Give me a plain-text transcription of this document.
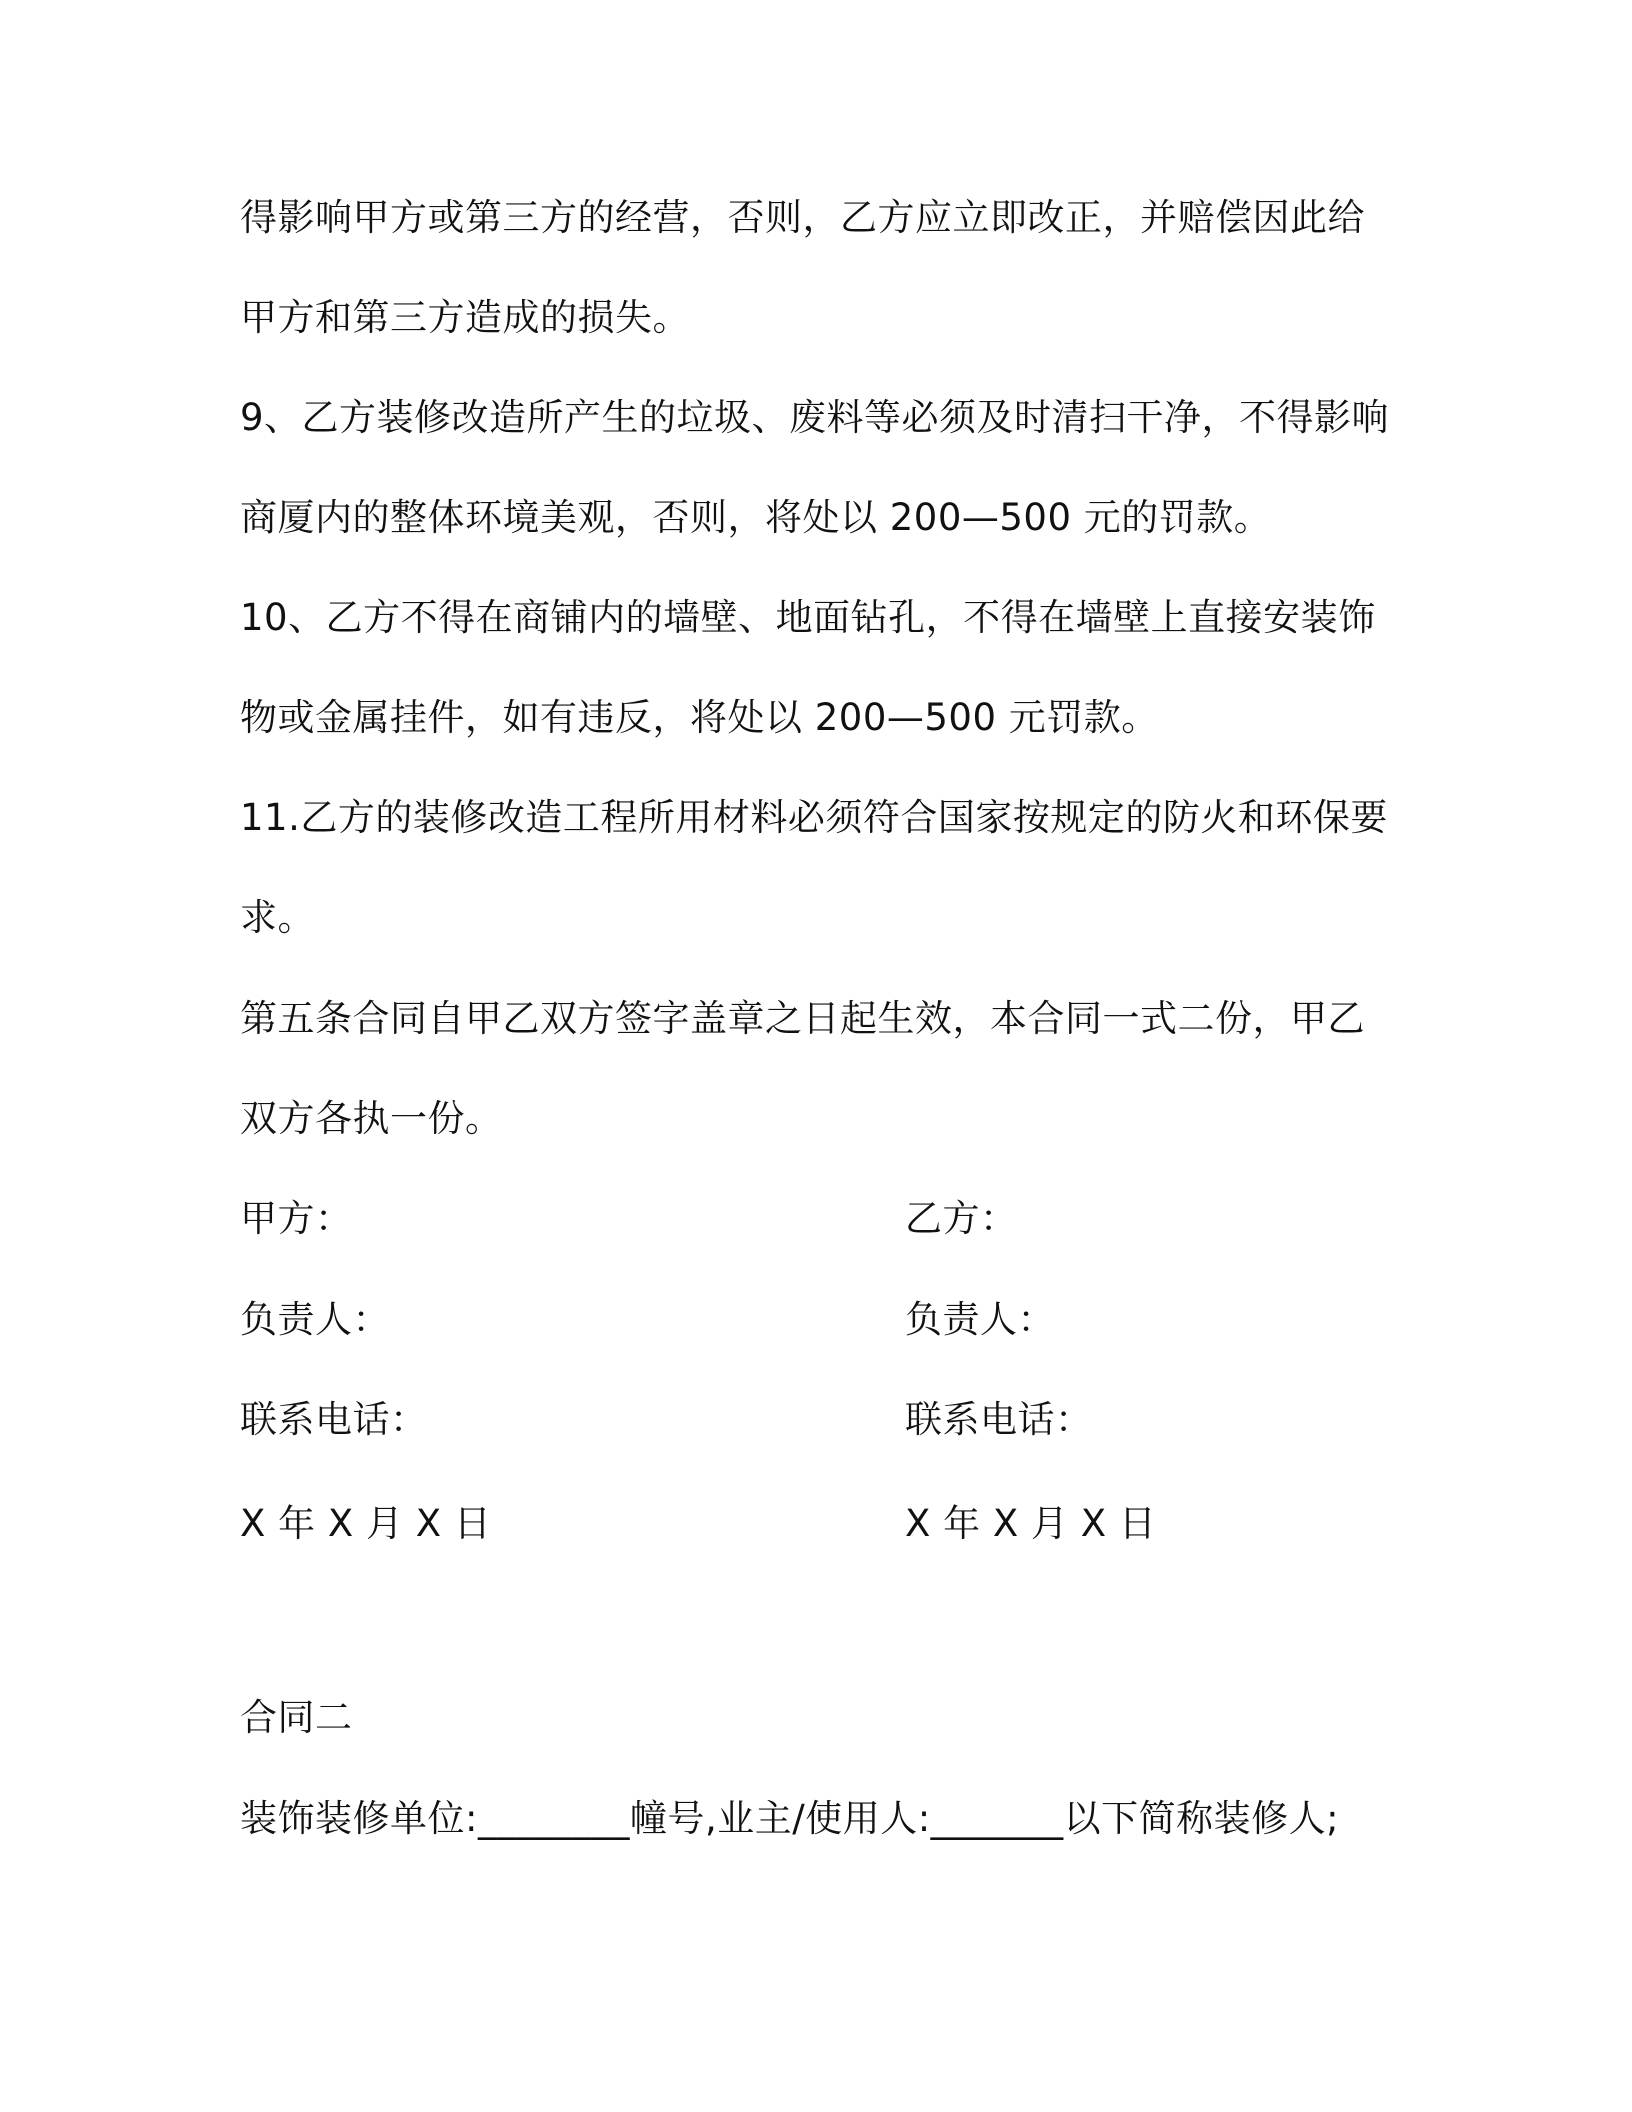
得影响甲方或第三方的经营，否则，乙方应立即改正，并赔偿因此给
甲方和第三方造成的损失。
9、乙方装修改造所产生的垃圾、废料等必须及时清扫干净，不得影响
商厦内的整体环境美观，否则，将处以 200—500 元的罚款。
10、乙方不得在商铺内的墙壁、地面钻孔，不得在墙壁上直接安装饰
物或金属挂件，如有违反，将处以 200—500 元罚款。
11.乙方的装修改造工程所用材料必须符合国家按规定的防火和环保要
求。
第五条合同自甲乙双方签字盖章之日起生效，本合同一式二份，甲乙
双方各执一份。
甲方：	乙方：
负责人：	负责人：
联系电话：	联系电话：
X 年 X 月 X 日	X 年 X 月 X 日
合同二
装饰装修单位:________幢号,业主/使用人:_______以下简称装修人;
